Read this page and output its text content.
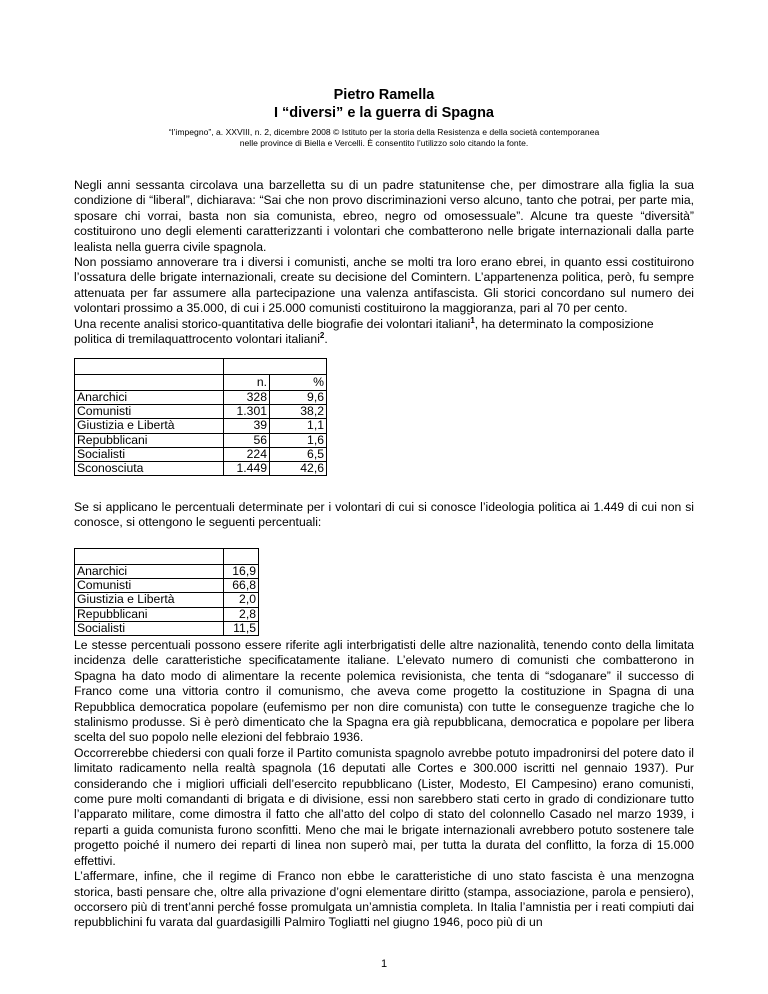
Pietro Ramella
I “diversi” e la guerra di Spagna
“l’impegno”, a. XXVIII, n. 2, dicembre 2008 © Istituto per la storia della Resistenza e della società contemporanea
nelle province di Biella e Vercelli. È consentito l’utilizzo solo citando la fonte.

Negli anni sessanta circolava una barzelletta su di un padre statunitense che, per dimostrare alla figlia la sua condizione di “liberal”, dichiarava: “Sai che non provo discriminazioni verso alcuno, tanto che potrai, per parte mia, sposare chi vorrai, basta non sia comunista, ebreo, negro od omosessuale”. Alcune tra queste “diversità” costituirono uno degli elementi caratterizzanti i volontari che combatterono nelle brigate internazionali dalla parte lealista nella guerra civile spagnola.

Non possiamo annoverare tra i diversi i comunisti, anche se molti tra loro erano ebrei, in quanto essi costituirono l’ossatura delle brigate internazionali, create su decisione del Comintern. L’appartenenza politica, però, fu sempre attenuata per far assumere alla partecipazione una valenza antifascista. Gli storici concordano sul numero dei volontari prossimo a 35.000, di cui i 25.000 comunisti costituirono la maggioranza, pari al 70 per cento.

Una recente analisi storico-quantitativa delle biografie dei volontari italiani$^1$, ha determinato la composizione politica di tremilaquattrocento volontari italiani$^2$.

	n.	%
Anarchici	328	9,6
Comunisti	1.301	38,2
Giustizia e Libertà	39	1,1
Repubblicani	56	1,6
Socialisti	224	6,5
Sconosciuta	1.449	42,6
Se si applicano le percentuali determinate per i volontari di cui si conosce l’ideologia politica ai 1.449 di cui non si conosce, si ottengono le seguenti percentuali:

Anarchici	16,9
Comunisti	66,8
Giustizia e Libertà	2,0
Repubblicani	2,8
Socialisti	11,5

Le stesse percentuali possono essere riferite agli interbrigatisti delle altre nazionalità, tenendo conto della limitata incidenza delle caratteristiche specificatamente italiane. L’elevato numero di comunisti che combatterono in Spagna ha dato modo di alimentare la recente polemica revisionista, che tenta di “sdoganare” il successo di Franco come una vittoria contro il comunismo, che aveva come progetto la costituzione in Spagna di una Repubblica democratica popolare (eufemismo per non dire comunista) con tutte le conseguenze tragiche che lo stalinismo produsse. Si è però dimenticato che la Spagna era già repubblicana, democratica e popolare per libera scelta del suo popolo nelle elezioni del febbraio 1936.

Occorrerebbe chiedersi con quali forze il Partito comunista spagnolo avrebbe potuto impadronirsi del potere dato il limitato radicamento nella realtà spagnola (16 deputati alle Cortes e 300.000 iscritti nel gennaio 1937). Pur considerando che i migliori ufficiali dell’esercito repubblicano (Lister, Modesto, El Campesino) erano comunisti, come pure molti comandanti di brigata e di divisione, essi non sarebbero stati certo in grado di condizionare tutto l’apparato militare, come dimostra il fatto che all’atto del colpo di stato del colonnello Casado nel marzo 1939, i reparti a guida comunista furono sconfitti. Meno che mai le brigate internazionali avrebbero potuto sostenere tale progetto poiché il numero dei reparti di linea non superò mai, per tutta la durata del conflitto, la forza di 15.000 effettivi.

L’affermare, infine, che il regime di Franco non ebbe le caratteristiche di uno stato fascista è una menzogna storica, basti pensare che, oltre alla privazione d’ogni elementare diritto (stampa, associazione, parola e pensiero), occorsero più di trent’anni perché fosse promulgata un’amnistia completa. In Italia l’amnistia per i reati compiuti dai repubblichini fu varata dal guardasigilli Palmiro Togliatti nel giugno 1946, poco più di un

1
